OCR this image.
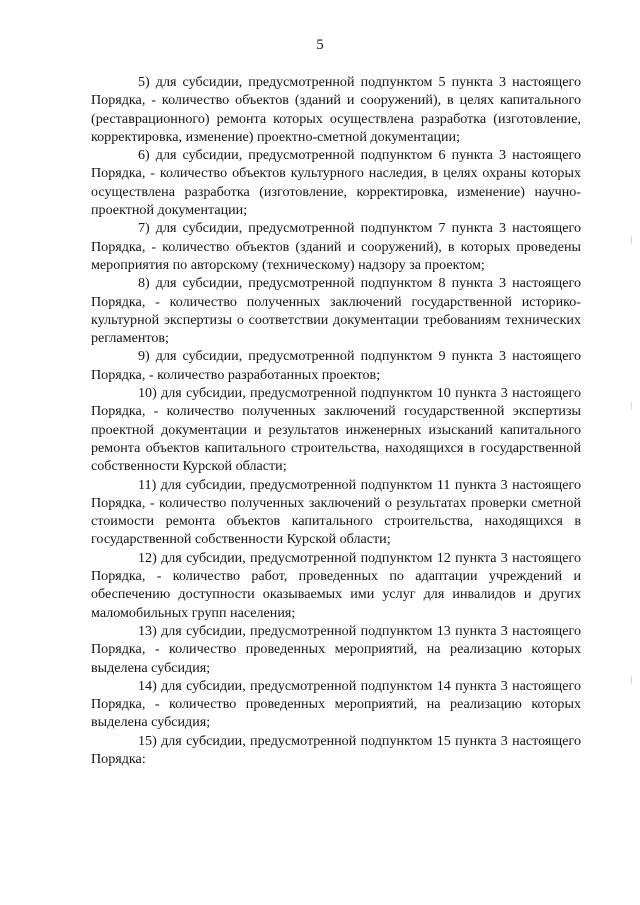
5

5) для субсидии, предусмотренной подпунктом 5 пункта 3 настоящего Порядка, - количество объектов (зданий и сооружений), в целях капитального (реставрационного) ремонта которых осуществлена разработка (изготовление, корректировка, изменение) проектно-сметной документации;

6) для субсидии, предусмотренной подпунктом 6 пункта 3 настоящего Порядка, - количество объектов культурного наследия, в целях охраны которых осуществлена разработка (изготовление, корректировка, изменение) научно-проектной документации;

7) для субсидии, предусмотренной подпунктом 7 пункта 3 настоящего Порядка, - количество объектов (зданий и сооружений), в которых проведены мероприятия по авторскому (техническому) надзору за проектом;

8) для субсидии, предусмотренной подпунктом 8 пункта 3 настоящего Порядка, - количество полученных заключений государственной историко-культурной экспертизы о соответствии документации требованиям технических регламентов;

9) для субсидии, предусмотренной подпунктом 9 пункта 3 настоящего Порядка, - количество разработанных проектов;

10) для субсидии, предусмотренной подпунктом 10 пункта 3 настоящего Порядка, - количество полученных заключений государственной экспертизы проектной документации и результатов инженерных изысканий капитального ремонта объектов капитального строительства, находящихся в государственной собственности Курской области;

11) для субсидии, предусмотренной подпунктом 11 пункта 3 настоящего Порядка, - количество полученных заключений о результатах проверки сметной стоимости ремонта объектов капитального строительства, находящихся в государственной собственности Курской области;

12) для субсидии, предусмотренной подпунктом 12 пункта 3 настоящего Порядка, - количество работ, проведенных по адаптации учреждений и обеспечению доступности оказываемых ими услуг для инвалидов и других маломобильных групп населения;

13) для субсидии, предусмотренной подпунктом 13 пункта 3 настоящего Порядка, - количество проведенных мероприятий, на реализацию которых выделена субсидия;

14) для субсидии, предусмотренной подпунктом 14 пункта 3 настоящего Порядка, - количество проведенных мероприятий, на реализацию которых выделена субсидия;

15) для субсидии, предусмотренной подпунктом 15 пункта 3 настоящего Порядка:
